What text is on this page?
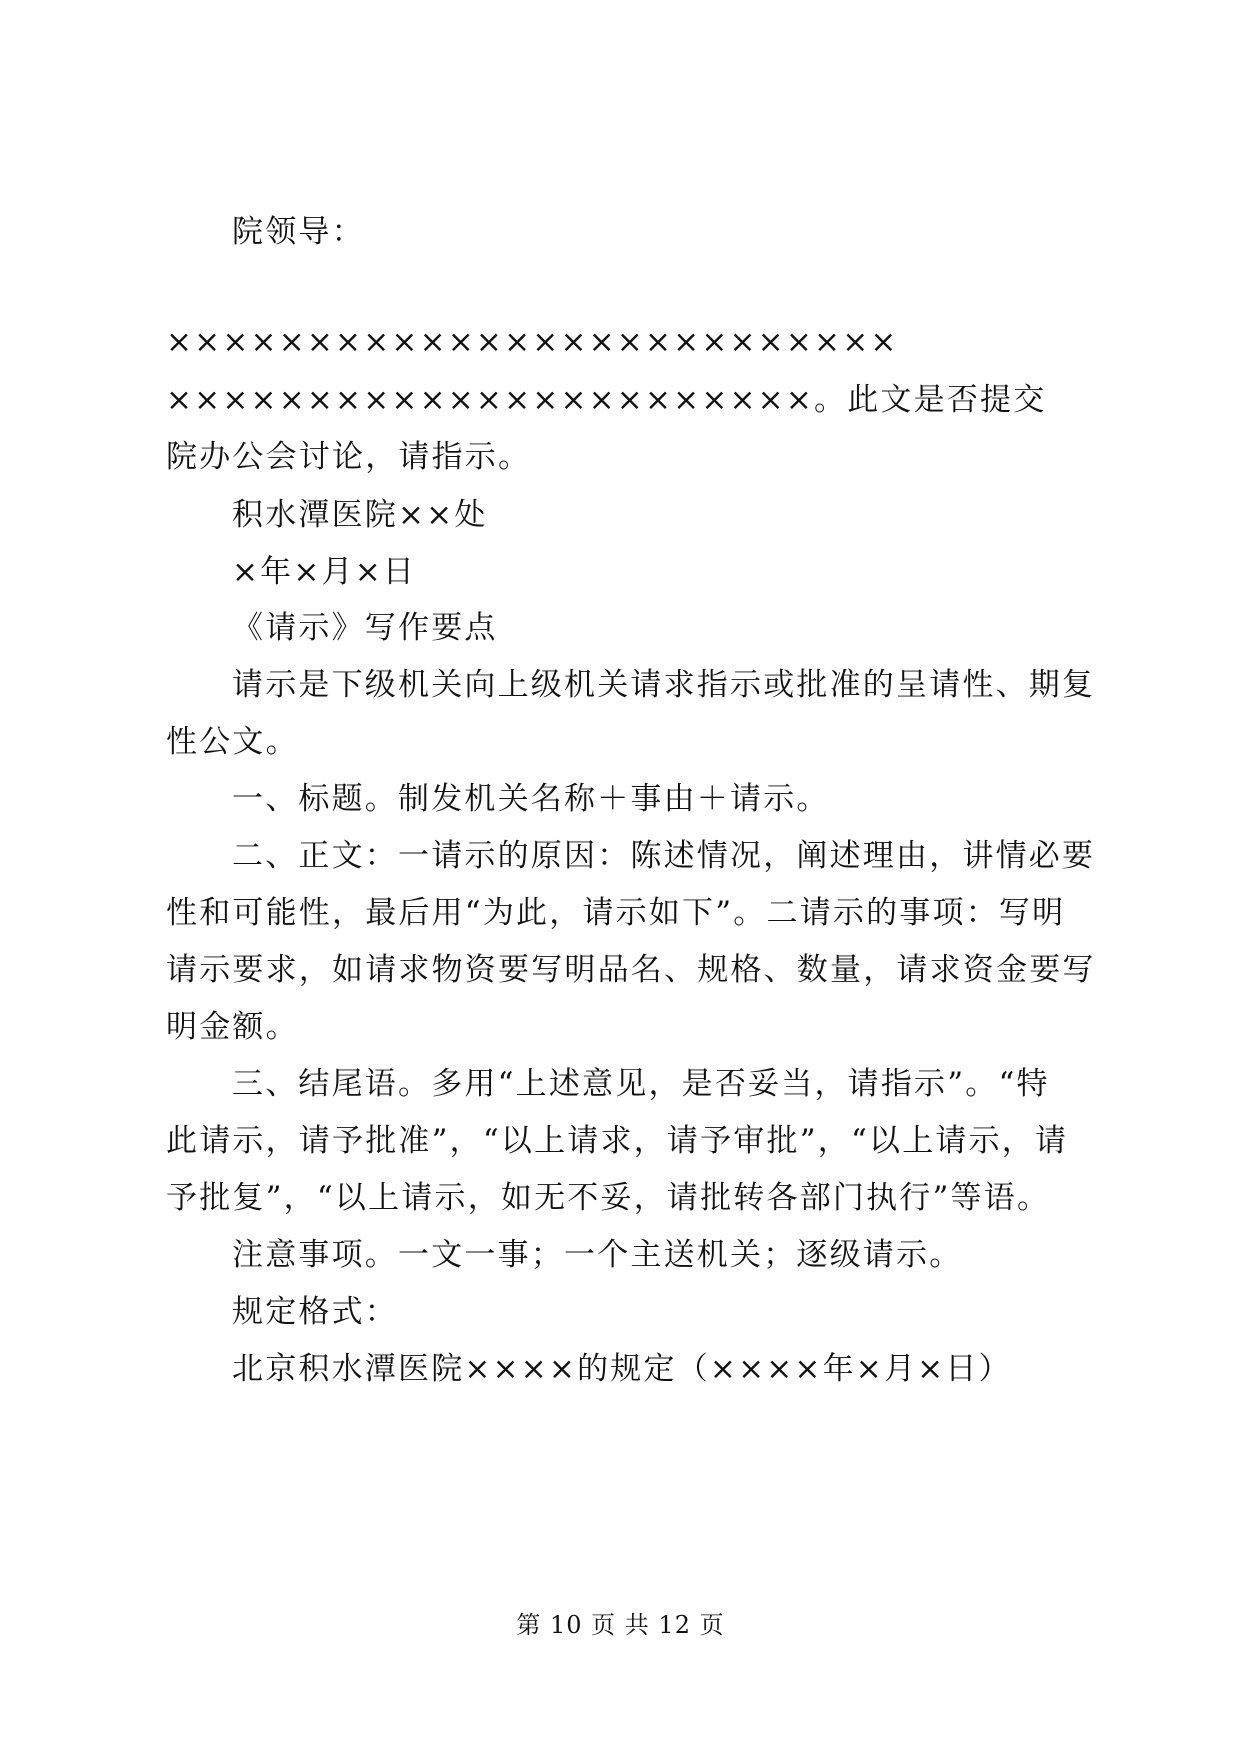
院领导：
××××××××××××××××××××××××××
×××××××××××××××××××××××。此文是否提交
院办公会讨论，请指示。
积水潭医院××处
×年×月×日
《请示》写作要点
请示是下级机关向上级机关请求指示或批准的呈请性、期复
性公文。
一、标题。制发机关名称＋事由＋请示。
二、正文：一请示的原因：陈述情况，阐述理由，讲情必要
性和可能性，最后用“为此，请示如下”。二请示的事项：写明
请示要求，如请求物资要写明品名、规格、数量，请求资金要写
明金额。
三、结尾语。多用“上述意见，是否妥当，请指示”。“特
此请示，请予批准”，“以上请求，请予审批”，“以上请示，请
予批复”，“以上请示，如无不妥，请批转各部门执行”等语。
注意事项。一文一事；一个主送机关；逐级请示。
规定格式：
北京积水潭医院××××的规定（××××年×月×日）
第 10 页 共 12 页
